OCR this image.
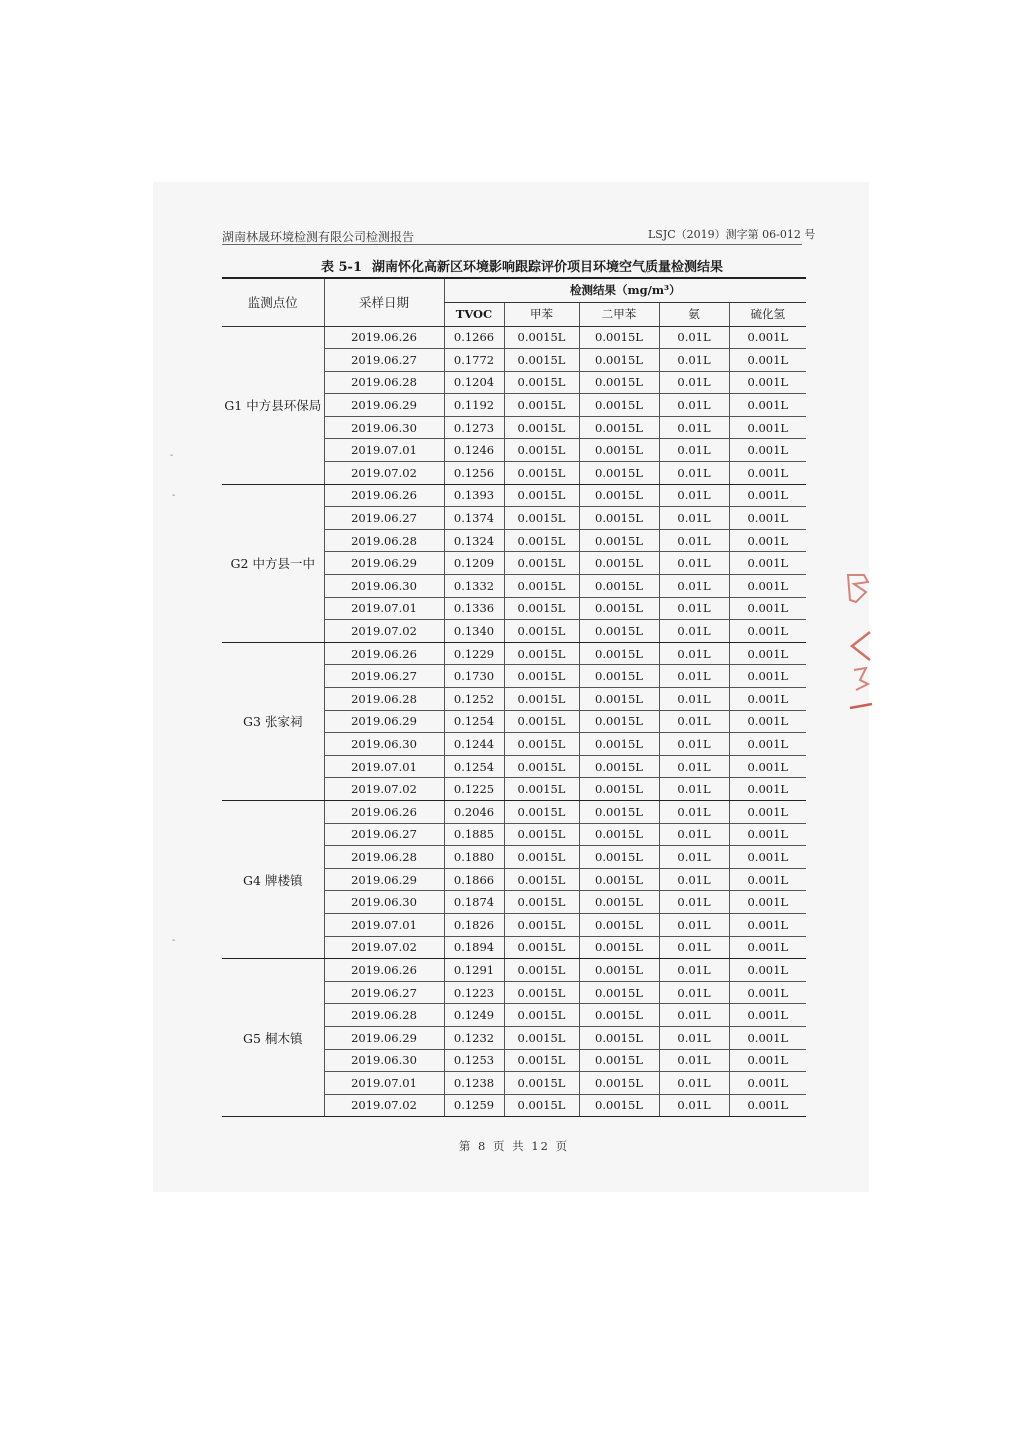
湖南林晟环境检测有限公司检测报告	LSJC（2019）测字第 06-012 号
表 5-1 湖南怀化高新区环境影响跟踪评价项目环境空气质量检测结果
监测点位	采样日期	检测结果（mg/m³）				
		TVOC	甲苯	二甲苯	氨	硫化氢
G1 中方县环保局	2019.06.26	0.1266	0.0015L	0.0015L	0.01L	0.001L
	2019.06.27	0.1772	0.0015L	0.0015L	0.01L	0.001L
	2019.06.28	0.1204	0.0015L	0.0015L	0.01L	0.001L
	2019.06.29	0.1192	0.0015L	0.0015L	0.01L	0.001L
	2019.06.30	0.1273	0.0015L	0.0015L	0.01L	0.001L
	2019.07.01	0.1246	0.0015L	0.0015L	0.01L	0.001L
	2019.07.02	0.1256	0.0015L	0.0015L	0.01L	0.001L
G2 中方县一中	2019.06.26	0.1393	0.0015L	0.0015L	0.01L	0.001L
	2019.06.27	0.1374	0.0015L	0.0015L	0.01L	0.001L
	2019.06.28	0.1324	0.0015L	0.0015L	0.01L	0.001L
	2019.06.29	0.1209	0.0015L	0.0015L	0.01L	0.001L
	2019.06.30	0.1332	0.0015L	0.0015L	0.01L	0.001L
	2019.07.01	0.1336	0.0015L	0.0015L	0.01L	0.001L
	2019.07.02	0.1340	0.0015L	0.0015L	0.01L	0.001L
G3 张家祠	2019.06.26	0.1229	0.0015L	0.0015L	0.01L	0.001L
	2019.06.27	0.1730	0.0015L	0.0015L	0.01L	0.001L
	2019.06.28	0.1252	0.0015L	0.0015L	0.01L	0.001L
	2019.06.29	0.1254	0.0015L	0.0015L	0.01L	0.001L
	2019.06.30	0.1244	0.0015L	0.0015L	0.01L	0.001L
	2019.07.01	0.1254	0.0015L	0.0015L	0.01L	0.001L
	2019.07.02	0.1225	0.0015L	0.0015L	0.01L	0.001L
G4 牌楼镇	2019.06.26	0.2046	0.0015L	0.0015L	0.01L	0.001L
	2019.06.27	0.1885	0.0015L	0.0015L	0.01L	0.001L
	2019.06.28	0.1880	0.0015L	0.0015L	0.01L	0.001L
	2019.06.29	0.1866	0.0015L	0.0015L	0.01L	0.001L
	2019.06.30	0.1874	0.0015L	0.0015L	0.01L	0.001L
	2019.07.01	0.1826	0.0015L	0.0015L	0.01L	0.001L
	2019.07.02	0.1894	0.0015L	0.0015L	0.01L	0.001L
G5 桐木镇	2019.06.26	0.1291	0.0015L	0.0015L	0.01L	0.001L
	2019.06.27	0.1223	0.0015L	0.0015L	0.01L	0.001L
	2019.06.28	0.1249	0.0015L	0.0015L	0.01L	0.001L
	2019.06.29	0.1232	0.0015L	0.0015L	0.01L	0.001L
	2019.06.30	0.1253	0.0015L	0.0015L	0.01L	0.001L
	2019.07.01	0.1238	0.0015L	0.0015L	0.01L	0.001L
	2019.07.02	0.1259	0.0015L	0.0015L	0.01L	0.001L
第 8 页 共 12 页
-
-
-
